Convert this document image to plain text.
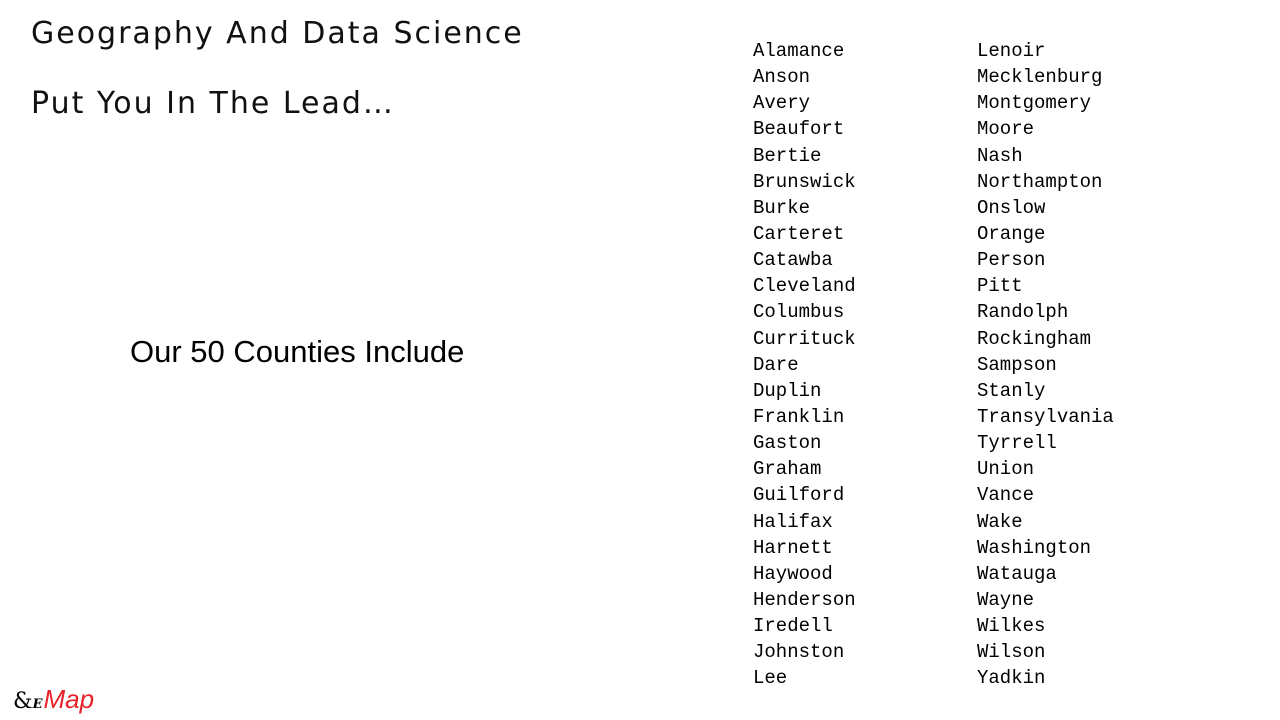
Geography And Data Science
Put You In The Lead…

Our 50 Counties Include

Alamance
Anson
Avery
Beaufort
Bertie
Brunswick
Burke
Carteret
Catawba
Cleveland
Columbus
Currituck
Dare
Duplin
Franklin
Gaston
Graham
Guilford
Halifax
Harnett
Haywood
Henderson
Iredell
Johnston
Lee
Lenoir
Mecklenburg
Montgomery
Moore
Nash
Northampton
Onslow
Orange
Person
Pitt
Randolph
Rockingham
Sampson
Stanly
Transylvania
Tyrrell
Union
Vance
Wake
Washington
Watauga
Wayne
Wilkes
Wilson
Yadkin
& E Map
